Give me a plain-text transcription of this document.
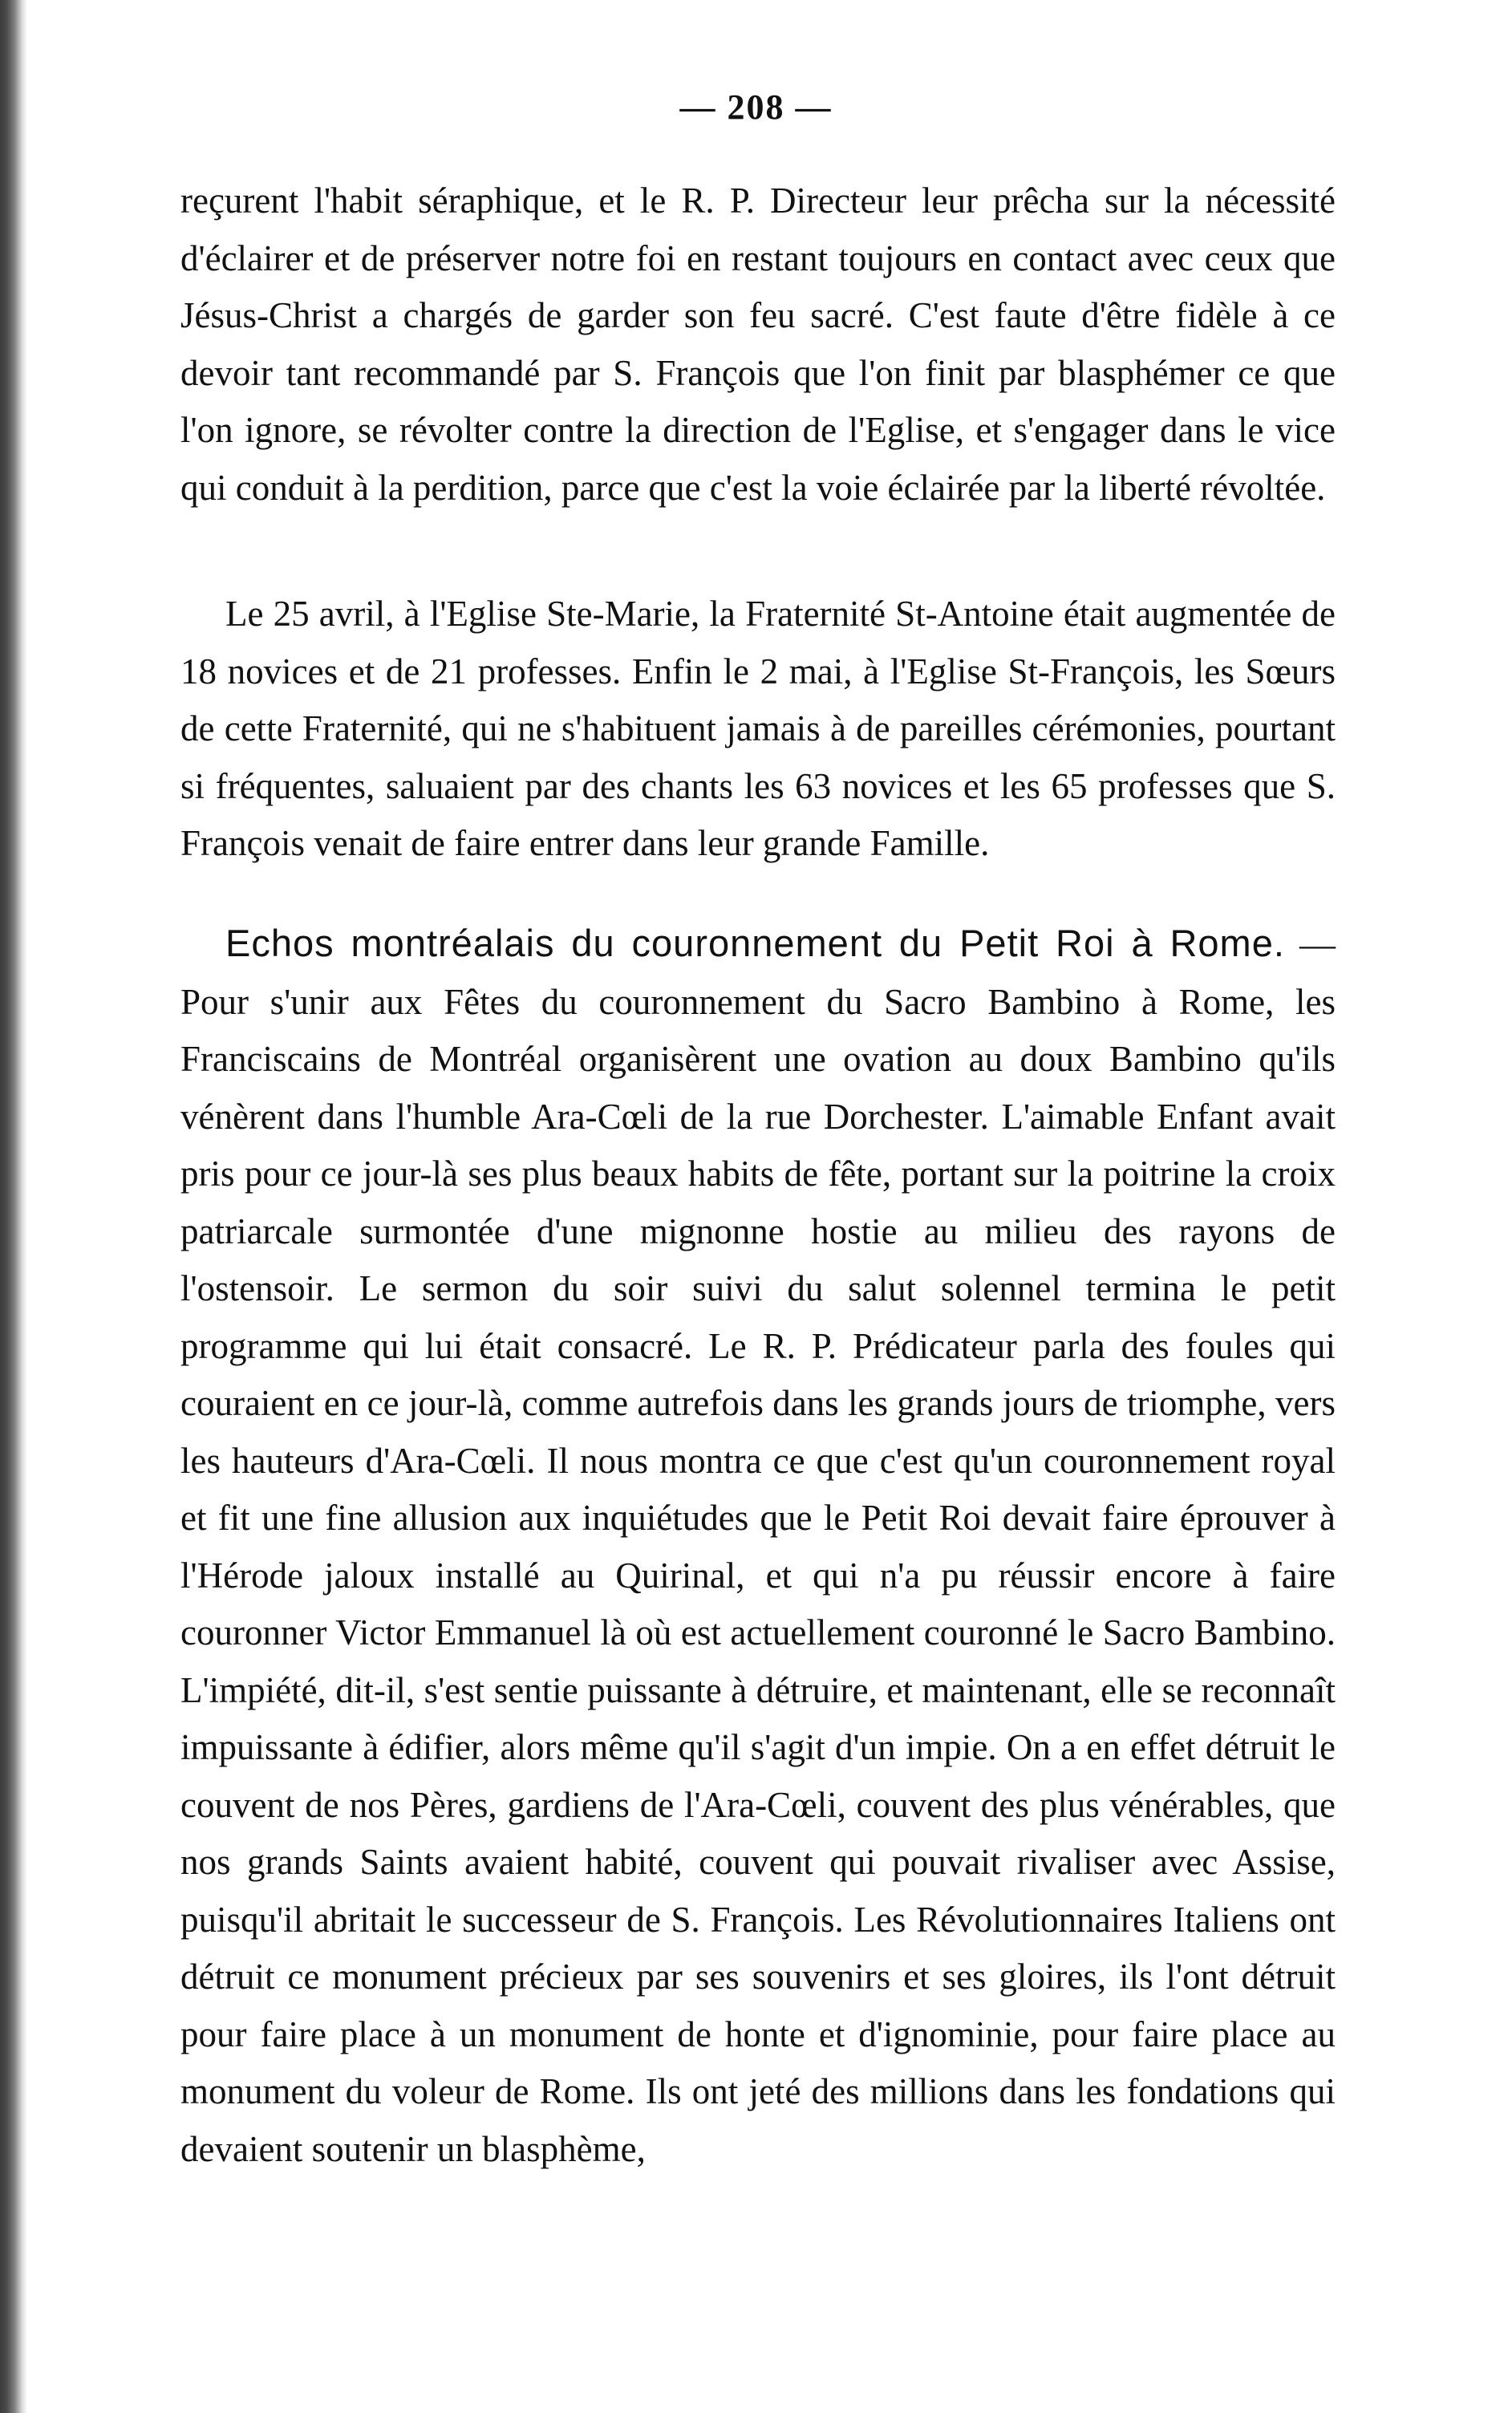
— 208 —

reçurent l'habit séraphique, et le R. P. Directeur leur prêcha sur la nécessité d'éclairer et de préserver notre foi en restant toujours en contact avec ceux que Jésus-Christ a chargés de garder son feu sacré. C'est faute d'être fidèle à ce devoir tant recommandé par S. François que l'on finit par blasphémer ce que l'on ignore, se révolter contre la direction de l'Eglise, et s'engager dans le vice qui conduit à la perdition, parce que c'est la voie éclairée par la liberté révoltée.

Le 25 avril, à l'Eglise Ste-Marie, la Fraternité St-Antoine était augmentée de 18 novices et de 21 professes. Enfin le 2 mai, à l'Eglise St-François, les Sœurs de cette Fraternité, qui ne s'habituent jamais à de pareilles cérémonies, pourtant si fréquentes, saluaient par des chants les 63 novices et les 65 professes que S. François venait de faire entrer dans leur grande Famille.

Echos montréalais du couronnement du Petit Roi à Rome. — Pour s'unir aux Fêtes du couronnement du Sacro Bambino à Rome, les Franciscains de Montréal organisèrent une ovation au doux Bambino qu'ils vénèrent dans l'humble Ara-Cœli de la rue Dorchester. L'aimable Enfant avait pris pour ce jour-là ses plus beaux habits de fête, portant sur la poitrine la croix patriarcale surmontée d'une mignonne hostie au milieu des rayons de l'ostensoir. Le sermon du soir suivi du salut solennel termina le petit programme qui lui était consacré. Le R. P. Prédicateur parla des foules qui couraient en ce jour-là, comme autrefois dans les grands jours de triomphe, vers les hauteurs d'Ara-Cœli. Il nous montra ce que c'est qu'un couronnement royal et fit une fine allusion aux inquiétudes que le Petit Roi devait faire éprouver à l'Hérode jaloux installé au Quirinal, et qui n'a pu réussir encore à faire couronner Victor Emmanuel là où est actuellement couronné le Sacro Bambino. L'impiété, dit-il, s'est sentie puissante à détruire, et maintenant, elle se reconnaît impuissante à édifier, alors même qu'il s'agit d'un impie. On a en effet détruit le couvent de nos Pères, gardiens de l'Ara-Cœli, couvent des plus vénérables, que nos grands Saints avaient habité, couvent qui pouvait rivaliser avec Assise, puisqu'il abritait le successeur de S. François. Les Révolutionnaires Italiens ont détruit ce monument précieux par ses souvenirs et ses gloires, ils l'ont détruit pour faire place à un monument de honte et d'ignominie, pour faire place au monument du voleur de Rome. Ils ont jeté des millions dans les fondations qui devaient soutenir un blasphème,
